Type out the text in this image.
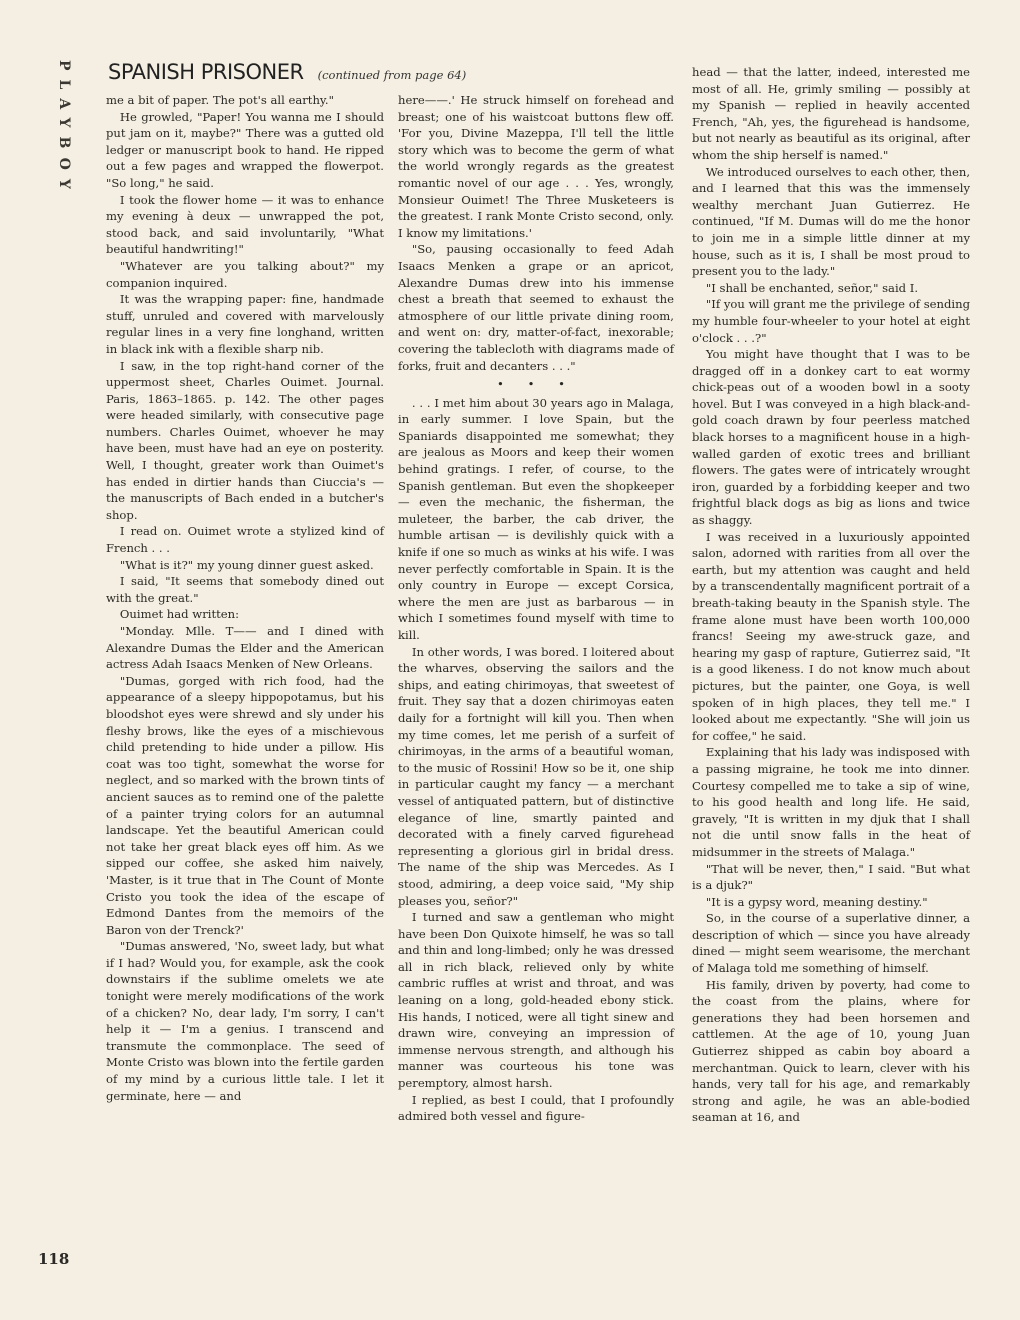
PLAYBOY SPANISH PRISONER (continued from page 64)

me a bit of paper. The pot's all earthy."

He growled, "Paper! You wanna me I should put jam on it, maybe?" There was a gutted old ledger or manuscript book to hand. He ripped out a few pages and wrapped the flowerpot. "So long," he said.

I took the flower home — it was to enhance my evening à deux — unwrapped the pot, stood back, and said involuntarily, "What beautiful handwriting!"

"Whatever are you talking about?" my companion inquired.

It was the wrapping paper: fine, handmade stuff, unruled and covered with marvelously regular lines in a very fine longhand, written in black ink with a flexible sharp nib.

I saw, in the top right-hand corner of the uppermost sheet, Charles Ouimet. Journal. Paris, 1863–1865. p. 142. The other pages were headed similarly, with consecutive page numbers. Charles Ouimet, whoever he may have been, must have had an eye on posterity. Well, I thought, greater work than Ouimet's has ended in dirtier hands than Ciuccia's — the manuscripts of Bach ended in a butcher's shop.

I read on. Ouimet wrote a stylized kind of French . . .

"What is it?" my young dinner guest asked.

I said, "It seems that somebody dined out with the great."

Ouimet had written:

"Monday. Mlle. T—— and I dined with Alexandre Dumas the Elder and the American actress Adah Isaacs Menken of New Orleans.

"Dumas, gorged with rich food, had the appearance of a sleepy hippopotamus, but his bloodshot eyes were shrewd and sly under his fleshy brows, like the eyes of a mischievous child pretending to hide under a pillow. His coat was too tight, somewhat the worse for neglect, and so marked with the brown tints of ancient sauces as to remind one of the palette of a painter trying colors for an autumnal landscape. Yet the beautiful American could not take her great black eyes off him. As we sipped our coffee, she asked him naively, 'Master, is it true that in The Count of Monte Cristo you took the idea of the escape of Edmond Dantes from the memoirs of the Baron von der Trenck?'

"Dumas answered, 'No, sweet lady, but what if I had? Would you, for example, ask the cook downstairs if the sublime omelets we ate tonight were merely modifications of the work of a chicken? No, dear lady, I'm sorry, I can't help it — I'm a genius. I transcend and transmute the commonplace. The seed of Monte Cristo was blown into the fertile garden of my mind by a curious little tale. I let it germinate, here — and

here——.' He struck himself on forehead and breast; one of his waistcoat buttons flew off. 'For you, Divine Mazeppa, I'll tell the little story which was to become the germ of what the world wrongly regards as the greatest romantic novel of our age . . . Yes, wrongly, Monsieur Ouimet! The Three Musketeers is the greatest. I rank Monte Cristo second, only. I know my limitations.'

"So, pausing occasionally to feed Adah Isaacs Menken a grape or an apricot, Alexandre Dumas drew into his immense chest a breath that seemed to exhaust the atmosphere of our little private dining room, and went on: dry, matter-of-fact, inexorable; covering the tablecloth with diagrams made of forks, fruit and decanters . . ."

• • •

. . . I met him about 30 years ago in Malaga, in early summer. I love Spain, but the Spaniards disappointed me somewhat; they are jealous as Moors and keep their women behind gratings. I refer, of course, to the Spanish gentleman. But even the shopkeeper — even the mechanic, the fisherman, the muleteer, the barber, the cab driver, the humble artisan — is devilishly quick with a knife if one so much as winks at his wife. I was never perfectly comfortable in Spain. It is the only country in Europe — except Corsica, where the men are just as barbarous — in which I sometimes found myself with time to kill.

In other words, I was bored. I loitered about the wharves, observing the sailors and the ships, and eating chirimoyas, that sweetest of fruit. They say that a dozen chirimoyas eaten daily for a fortnight will kill you. Then when my time comes, let me perish of a surfeit of chirimoyas, in the arms of a beautiful woman, to the music of Rossini! How so be it, one ship in particular caught my fancy — a merchant vessel of antiquated pattern, but of distinctive elegance of line, smartly painted and decorated with a finely carved figurehead representing a glorious girl in bridal dress. The name of the ship was Mercedes. As I stood, admiring, a deep voice said, "My ship pleases you, señor?"

I turned and saw a gentleman who might have been Don Quixote himself, he was so tall and thin and long-limbed; only he was dressed all in rich black, relieved only by white cambric ruffles at wrist and throat, and was leaning on a long, gold-headed ebony stick. His hands, I noticed, were all tight sinew and drawn wire, conveying an impression of immense nervous strength, and although his manner was courteous his tone was peremptory, almost harsh.

I replied, as best I could, that I profoundly admired both vessel and figure-

head — that the latter, indeed, interested me most of all. He, grimly smiling — possibly at my Spanish — replied in heavily accented French, "Ah, yes, the figurehead is handsome, but not nearly as beautiful as its original, after whom the ship herself is named."

We introduced ourselves to each other, then, and I learned that this was the immensely wealthy merchant Juan Gutierrez. He continued, "If M. Dumas will do me the honor to join me in a simple little dinner at my house, such as it is, I shall be most proud to present you to the lady."

"I shall be enchanted, señor," said I.

"If you will grant me the privilege of sending my humble four-wheeler to your hotel at eight o'clock . . .?"

You might have thought that I was to be dragged off in a donkey cart to eat wormy chick-peas out of a wooden bowl in a sooty hovel. But I was conveyed in a high black-and-gold coach drawn by four peerless matched black horses to a magnificent house in a high-walled garden of exotic trees and brilliant flowers. The gates were of intricately wrought iron, guarded by a forbidding keeper and two frightful black dogs as big as lions and twice as shaggy.

I was received in a luxuriously appointed salon, adorned with rarities from all over the earth, but my attention was caught and held by a transcendentally magnificent portrait of a breath-taking beauty in the Spanish style. The frame alone must have been worth 100,000 francs! Seeing my awe-struck gaze, and hearing my gasp of rapture, Gutierrez said, "It is a good likeness. I do not know much about pictures, but the painter, one Goya, is well spoken of in high places, they tell me." I looked about me expectantly. "She will join us for coffee," he said.

Explaining that his lady was indisposed with a passing migraine, he took me into dinner. Courtesy compelled me to take a sip of wine, to his good health and long life. He said, gravely, "It is written in my djuk that I shall not die until snow falls in the heat of midsummer in the streets of Malaga."

"That will be never, then," I said. "But what is a djuk?"

"It is a gypsy word, meaning destiny."

So, in the course of a superlative dinner, a description of which — since you have already dined — might seem wearisome, the merchant of Malaga told me something of himself.

His family, driven by poverty, had come to the coast from the plains, where for generations they had been horsemen and cattlemen. At the age of 10, young Juan Gutierrez shipped as cabin boy aboard a merchantman. Quick to learn, clever with his hands, very tall for his age, and remarkably strong and agile, he was an able-bodied seaman at 16, and

118
